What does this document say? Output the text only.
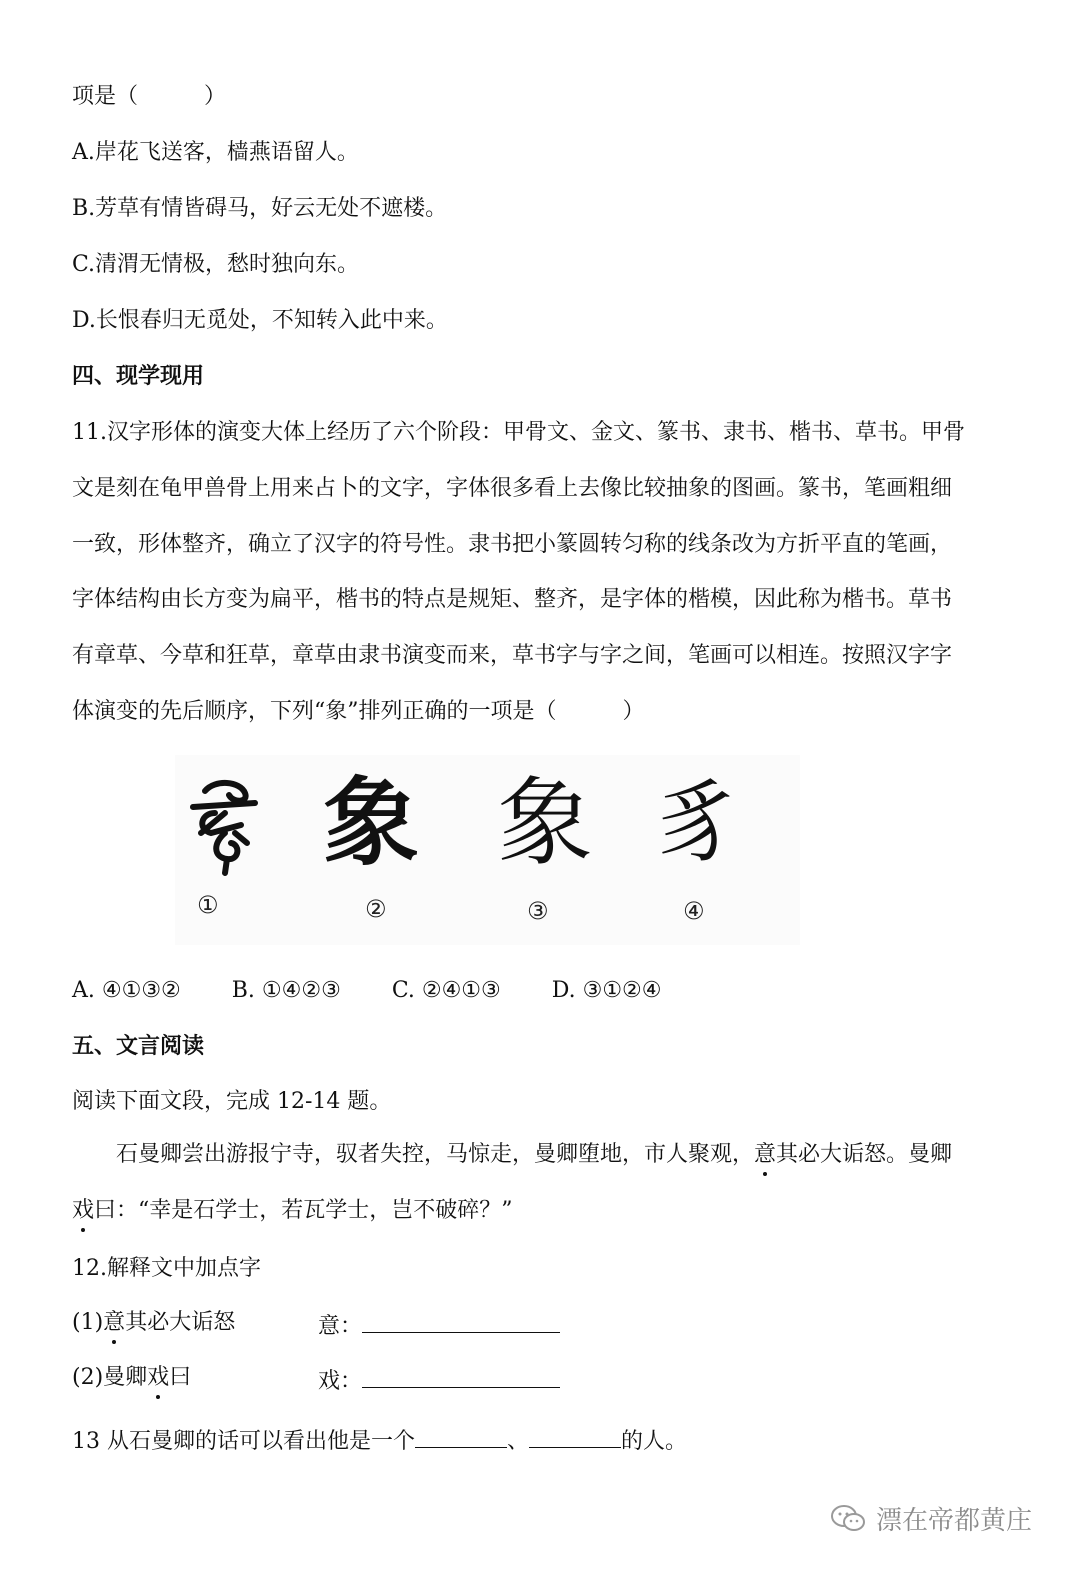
项是（　　　）
A.岸花飞送客，樯燕语留人。
B.芳草有情皆碍马，好云无处不遮楼。
C.清渭无情极，愁时独向东。
D.长恨春归无觅处，不知转入此中来。
四、现学现用
11.汉字形体的演变大体上经历了六个阶段：甲骨文、金文、篆书、隶书、楷书、草书。甲骨
文是刻在龟甲兽骨上用来占卜的文字，字体很多看上去像比较抽象的图画。篆书，笔画粗细
一致，形体整齐，确立了汉字的符号性。隶书把小篆圆转匀称的线条改为方折平直的笔画，
字体结构由长方变为扁平，楷书的特点是规矩、整齐，是字体的楷模，因此称为楷书。草书
有章草、今草和狂草，章草由隶书演变而来，草书字与字之间，笔画可以相连。按照汉字字
体演变的先后顺序，下列“象”排列正确的一项是（　　　）
①
象
②
象
③
豸
④
A. ④①③② B. ①④②③ C. ②④①③ D. ③①②④
五、文言阅读
阅读下面文段，完成 12-14 题。
　　石曼卿尝出游报宁寺，驭者失控，马惊走，曼卿堕地，市人聚观，意其必大诟怒。曼卿
戏曰：“幸是石学士，若瓦学士，岂不破碎？”
12.解释文中加点字
(1)意其必大诟怒	意：
(2)曼卿戏曰	戏：
13 从石曼卿的话可以看出他是一个	、	的人。
漂在帝都黄庄
